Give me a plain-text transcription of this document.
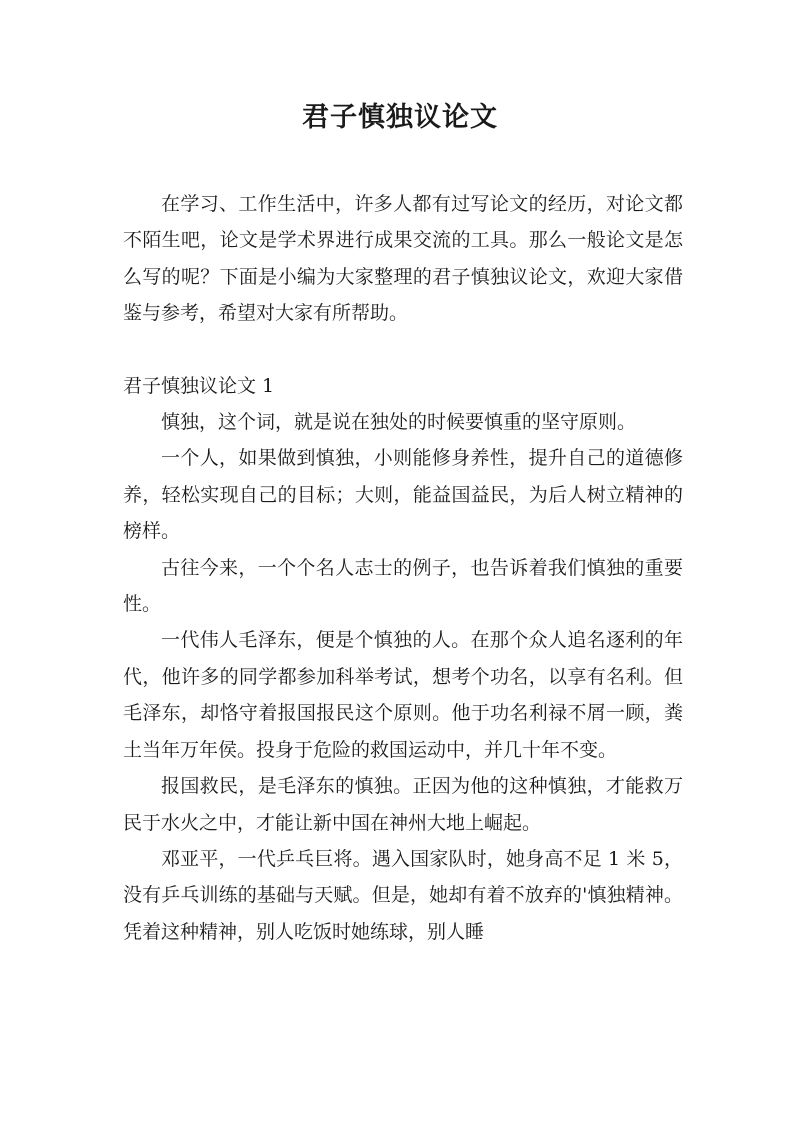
君子慎独议论文

在学习、工作生活中，许多人都有过写论文的经历，对论文都不陌生吧，论文是学术界进行成果交流的工具。那么一般论文是怎么写的呢？下面是小编为大家整理的君子慎独议论文，欢迎大家借鉴与参考，希望对大家有所帮助。

君子慎独议论文 1

慎独，这个词，就是说在独处的时候要慎重的坚守原则。

一个人，如果做到慎独，小则能修身养性，提升自己的道德修养，轻松实现自己的目标；大则，能益国益民，为后人树立精神的榜样。

古往今来，一个个名人志士的例子，也告诉着我们慎独的重要性。

一代伟人毛泽东，便是个慎独的人。在那个众人追名逐利的年代，他许多的同学都参加科举考试，想考个功名，以享有名利。但毛泽东，却恪守着报国报民这个原则。他于功名利禄不屑一顾，粪土当年万年侯。投身于危险的救国运动中，并几十年不变。

报国救民，是毛泽东的慎独。正因为他的这种慎独，才能救万民于水火之中，才能让新中国在神州大地上崛起。

邓亚平，一代乒乓巨将。遇入国家队时，她身高不足 1 米 5，没有乒乓训练的基础与天赋。但是，她却有着不放弃的'慎独精神。凭着这种精神，别人吃饭时她练球，别人睡
